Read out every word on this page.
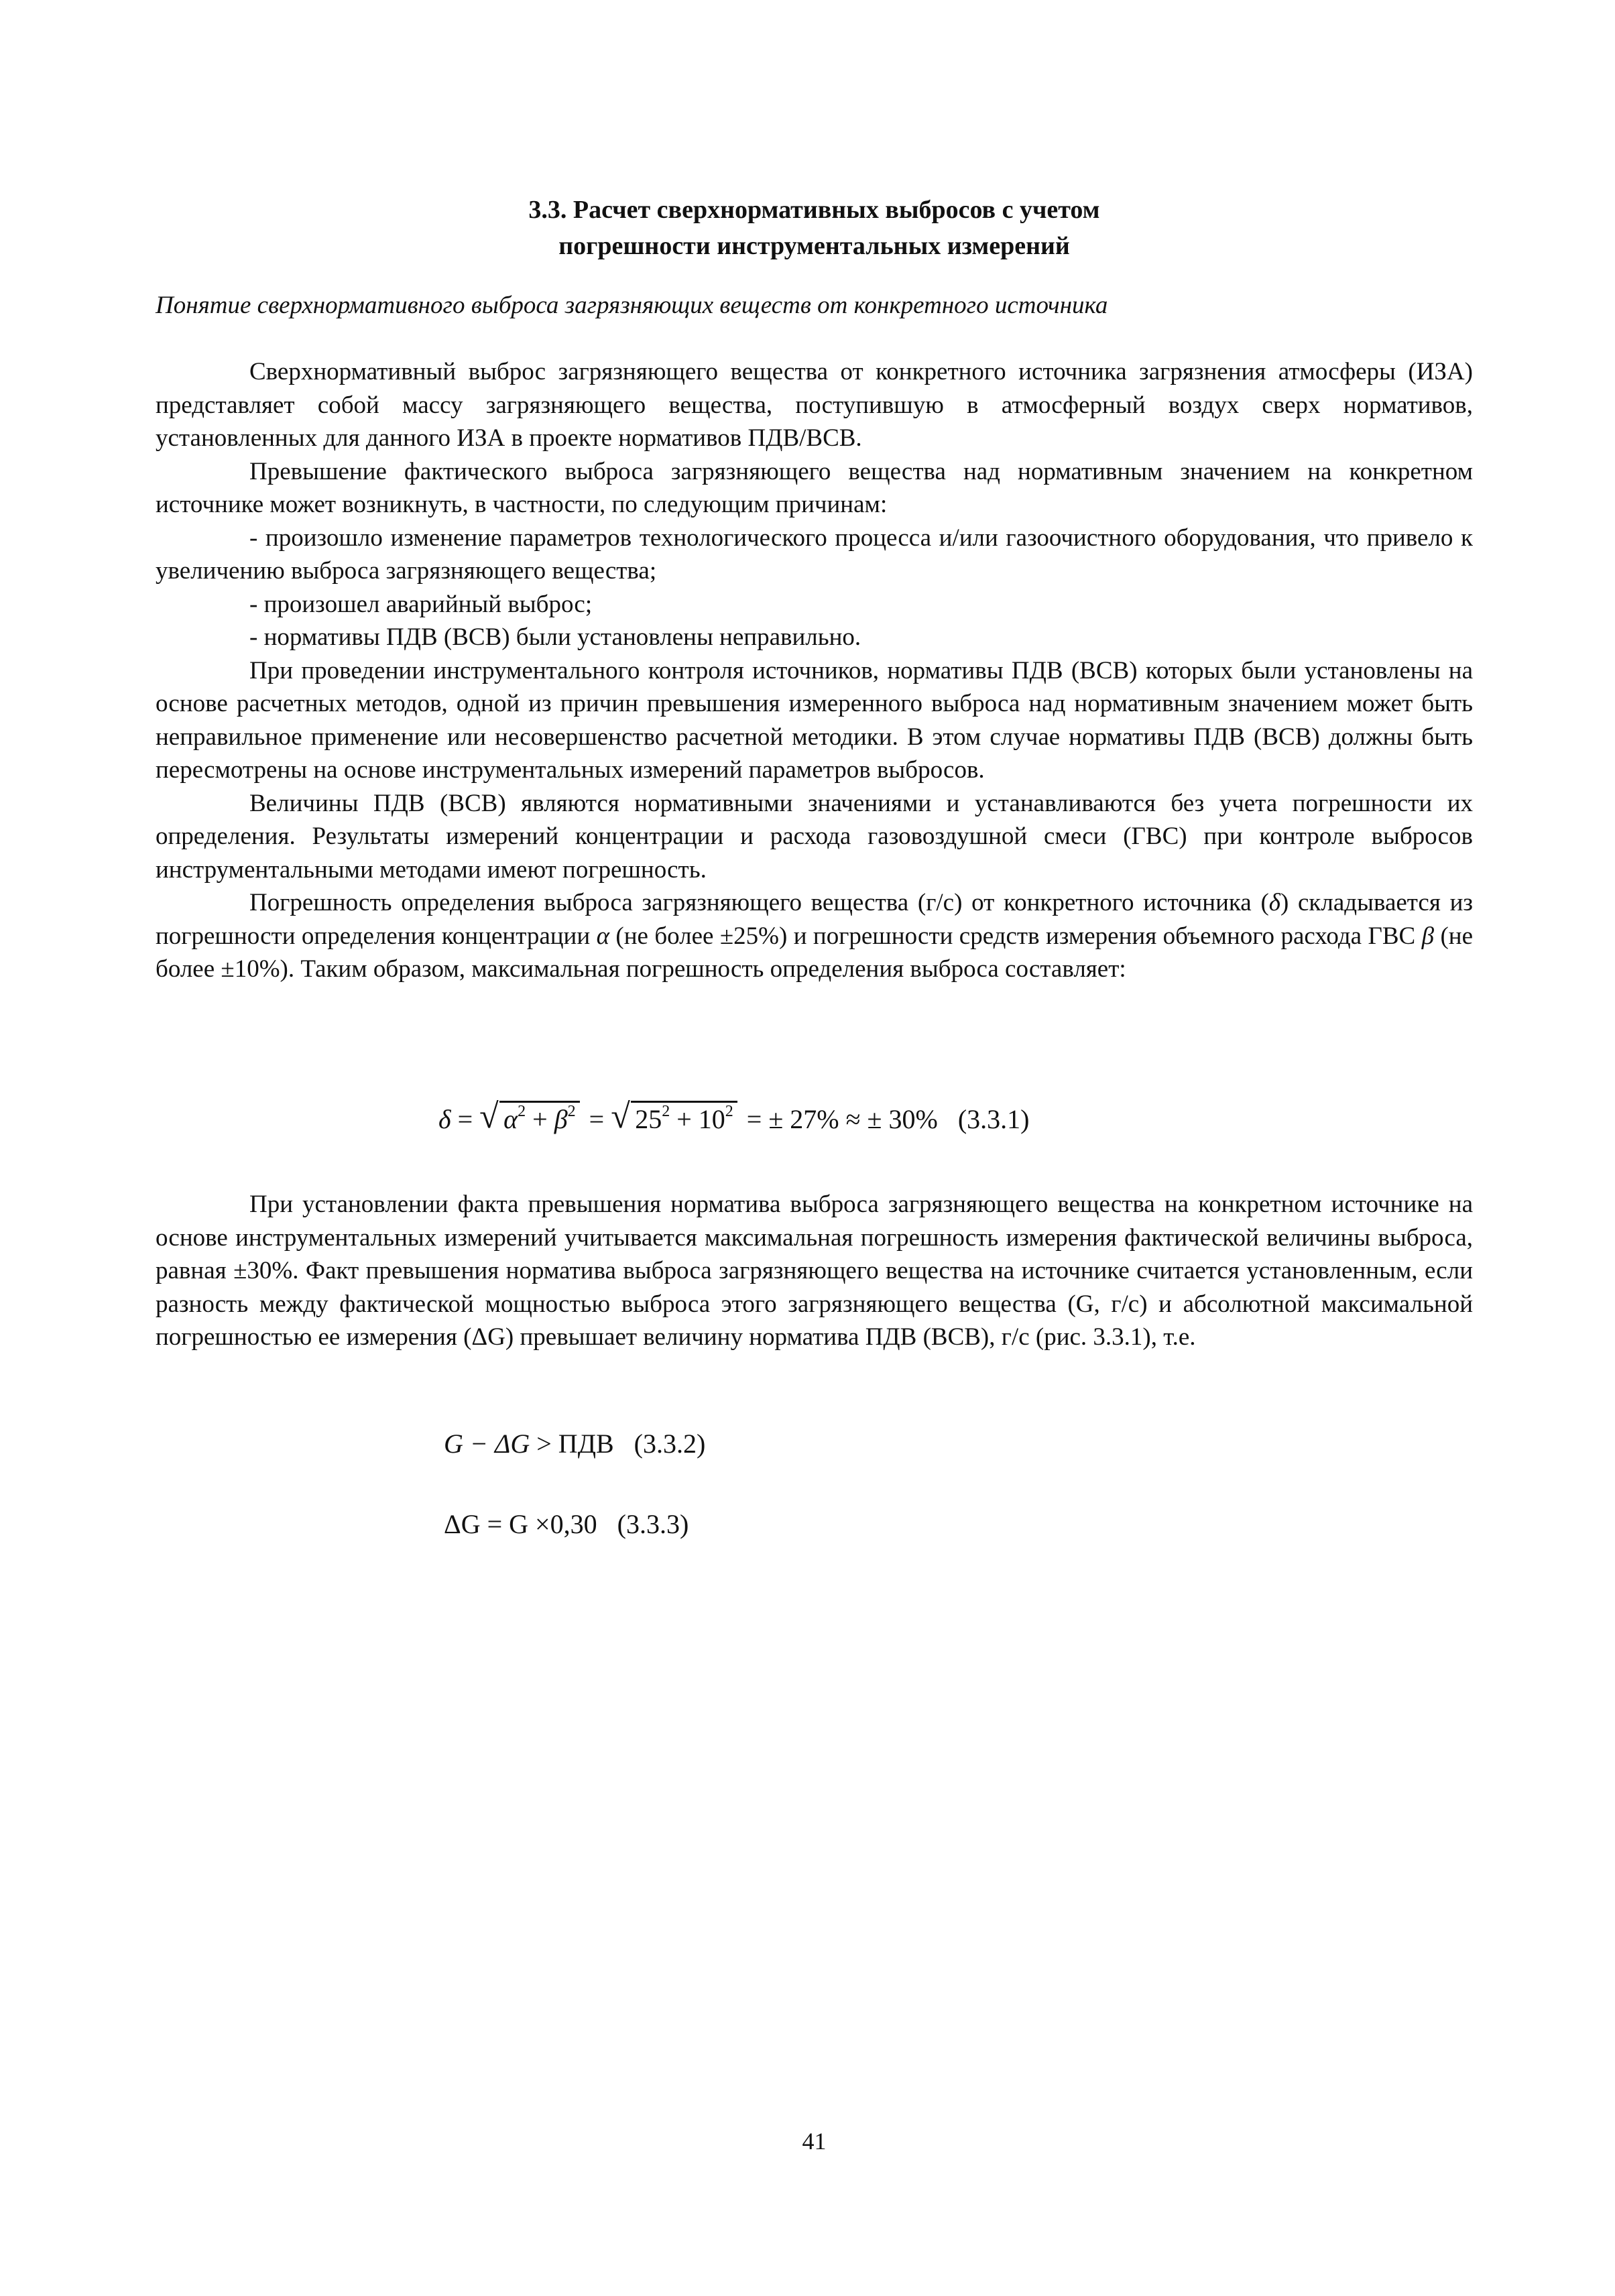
3.3. Расчет сверхнормативных выбросов с учетом
погрешности инструментальных измерений

Понятие сверхнормативного выброса загрязняющих веществ от конкретного источника

Сверхнормативный выброс загрязняющего вещества от конкретного источника загрязнения атмосферы (ИЗА) представляет собой массу загрязняющего вещества, поступившую в атмосферный воздух сверх нормативов, установленных для данного ИЗА в проекте нормативов ПДВ/ВСВ.

Превышение фактического выброса загрязняющего вещества над нормативным значением на конкретном источнике может возникнуть, в частности, по следующим причинам:

- произошло изменение параметров технологического процесса и/или газоочистного оборудования, что привело к увеличению выброса загрязняющего вещества;

- произошел аварийный выброс;

- нормативы ПДВ (ВСВ) были установлены неправильно.

При проведении инструментального контроля источников, нормативы ПДВ (ВСВ) которых были установлены на основе расчетных методов, одной из причин превышения измеренного выброса над нормативным значением может быть неправильное применение или несовершенство расчетной методики. В этом случае нормативы ПДВ (ВСВ) должны быть пересмотрены на основе инструментальных измерений параметров выбросов.

Величины ПДВ (ВСВ) являются нормативными значениями и устанавливаются без учета погрешности их определения. Результаты измерений концентрации и расхода газовоздушной смеси (ГВС) при контроле выбросов инструментальными методами имеют погрешность.

Погрешность определения выброса загрязняющего вещества (г/с) от конкретного источника (δ) складывается из погрешности определения концентрации α (не более ±25%) и погрешности средств измерения объемного расхода ГВС β (не более ±10%). Таким образом, максимальная погрешность определения выброса составляет:

δ = √ $\alpha^2 + \beta^2$ = √ $25^2 + 10^2$ = ± 27% ≈ ± 30% (3.3.1)

При установлении факта превышения норматива выброса загрязняющего вещества на конкретном источнике на основе инструментальных измерений учитывается максимальная погрешность измерения фактической величины выброса, равная ±30%. Факт превышения норматива выброса загрязняющего вещества на источнике считается установленным, если разность между фактической мощностью выброса этого загрязняющего вещества (G, г/с) и абсолютной максимальной погрешностью ее измерения (ΔG) превышает величину норматива ПДВ (ВСВ), г/с (рис. 3.3.1), т.е.

G − ΔG > ПДВ (3.3.2)
ΔG = G ×0,30 (3.3.3)
41
